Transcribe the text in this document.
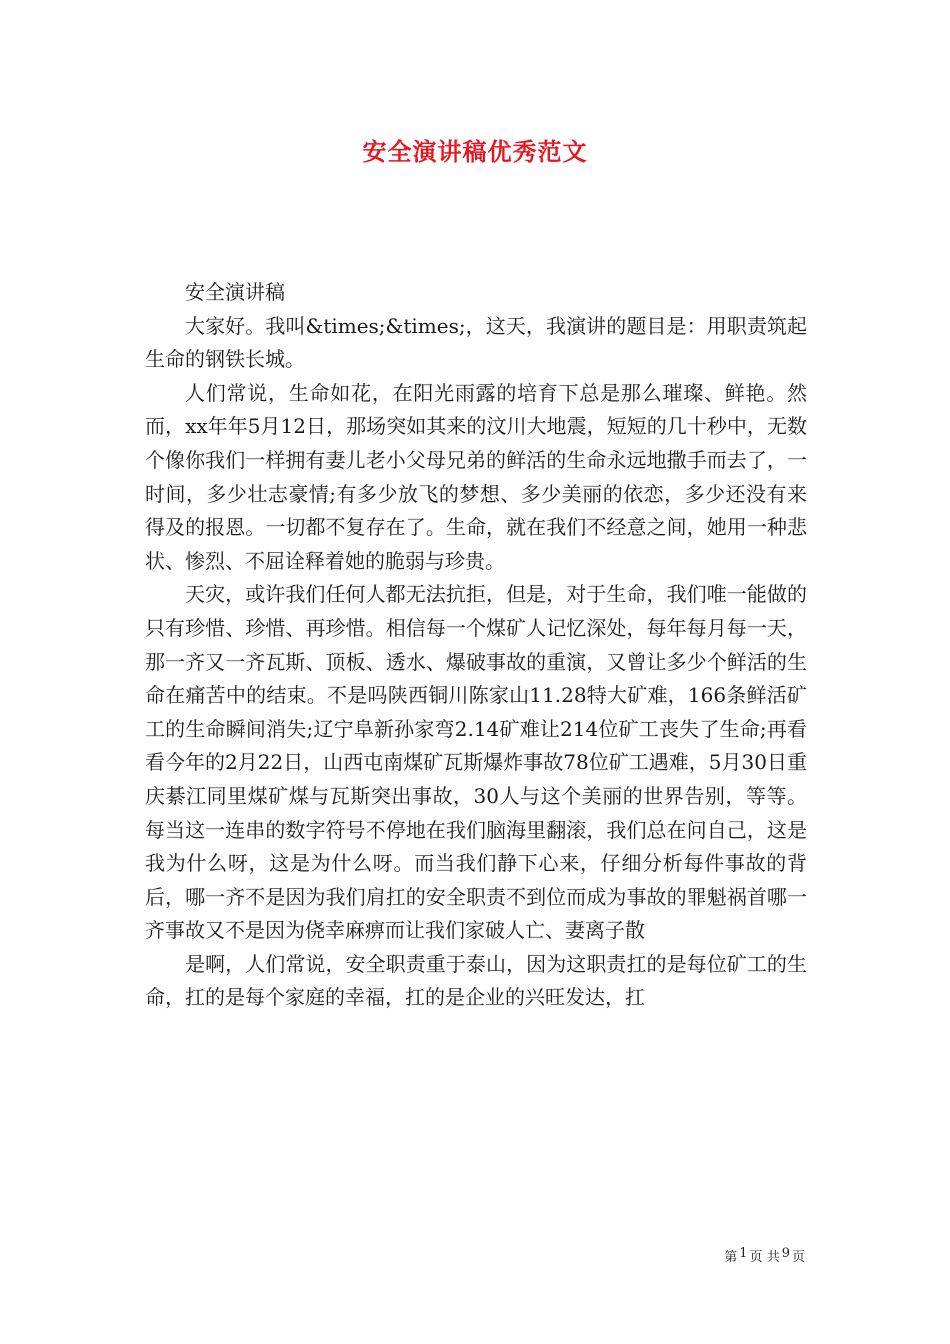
安全演讲稿优秀范文

安全演讲稿

大家好。我叫&times;&times;，这天，我演讲的题目是：用职责筑起生命的钢铁长城。

人们常说，生命如花，在阳光雨露的培育下总是那么璀璨、鲜艳。然而，xx年年5月12日，那场突如其来的汶川大地震，短短的几十秒中，无数个像你我们一样拥有妻儿老小父母兄弟的鲜活的生命永远地撒手而去了，一时间，多少壮志豪情;有多少放飞的梦想、多少美丽的依恋，多少还没有来得及的报恩。一切都不复存在了。生命，就在我们不经意之间，她用一种悲状、惨烈、不屈诠释着她的脆弱与珍贵。

天灾，或许我们任何人都无法抗拒，但是，对于生命，我们唯一能做的只有珍惜、珍惜、再珍惜。相信每一个煤矿人记忆深处，每年每月每一天，那一齐又一齐瓦斯、顶板、透水、爆破事故的重演，又曾让多少个鲜活的生命在痛苦中的结束。不是吗陕西铜川陈家山11.28特大矿难，166条鲜活矿工的生命瞬间消失;辽宁阜新孙家弯2.14矿难让214位矿工丧失了生命;再看看今年的2月22日，山西屯南煤矿瓦斯爆炸事故78位矿工遇难，5月30日重庆綦江同里煤矿煤与瓦斯突出事故，30人与这个美丽的世界告别，等等。每当这一连串的数字符号不停地在我们脑海里翻滚，我们总在问自己，这是我为什么呀，这是为什么呀。而当我们静下心来，仔细分析每件事故的背后，哪一齐不是因为我们肩扛的安全职责不到位而成为事故的罪魁祸首哪一齐事故又不是因为侥幸麻痹而让我们家破人亡、妻离子散

是啊，人们常说，安全职责重于泰山，因为这职责扛的是每位矿工的生命，扛的是每个家庭的幸福，扛的是企业的兴旺发达，扛

第 1 页 共 9 页
